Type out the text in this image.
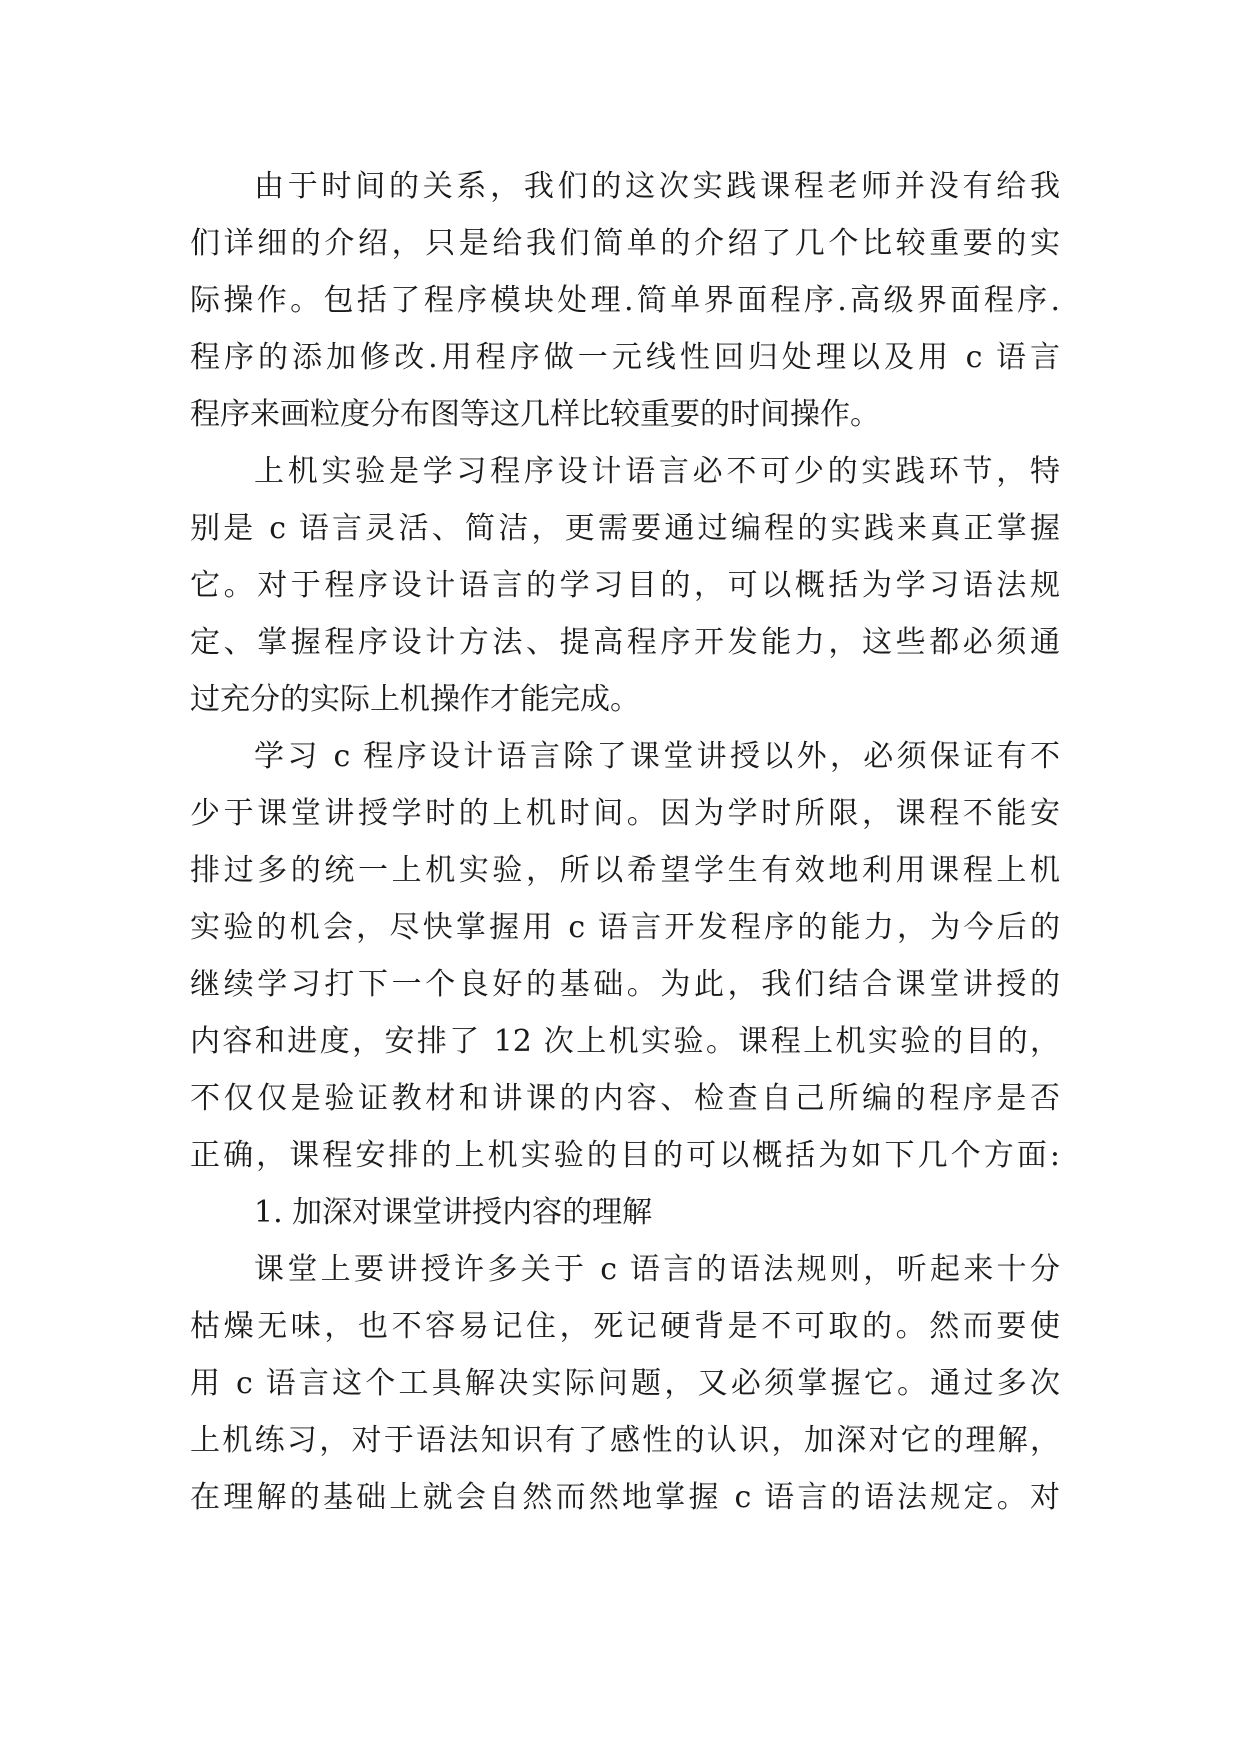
由于时间的关系，我们的这次实践课程老师并没有给我
们详细的介绍，只是给我们简单的介绍了几个比较重要的实
际操作。包括了程序模块处理.简单界面程序.高级界面程序.
程序的添加修改.用程序做一元线性回归处理以及用 c 语言
程序来画粒度分布图等这几样比较重要的时间操作。
上机实验是学习程序设计语言必不可少的实践环节，特
别是 c 语言灵活、简洁，更需要通过编程的实践来真正掌握
它。对于程序设计语言的学习目的，可以概括为学习语法规
定、掌握程序设计方法、提高程序开发能力，这些都必须通
过充分的实际上机操作才能完成。
学习 c 程序设计语言除了课堂讲授以外，必须保证有不
少于课堂讲授学时的上机时间。因为学时所限，课程不能安
排过多的统一上机实验，所以希望学生有效地利用课程上机
实验的机会，尽快掌握用 c 语言开发程序的能力，为今后的
继续学习打下一个良好的基础。为此，我们结合课堂讲授的
内容和进度，安排了 12 次上机实验。课程上机实验的目的，
不仅仅是验证教材和讲课的内容、检查自己所编的程序是否
正确，课程安排的上机实验的目的可以概括为如下几个方面:
1. 加深对课堂讲授内容的理解
课堂上要讲授许多关于 c 语言的语法规则，听起来十分
枯燥无味，也不容易记住，死记硬背是不可取的。然而要使
用 c 语言这个工具解决实际问题，又必须掌握它。通过多次
上机练习，对于语法知识有了感性的认识，加深对它的理解，
在理解的基础上就会自然而然地掌握 c 语言的语法规定。对
